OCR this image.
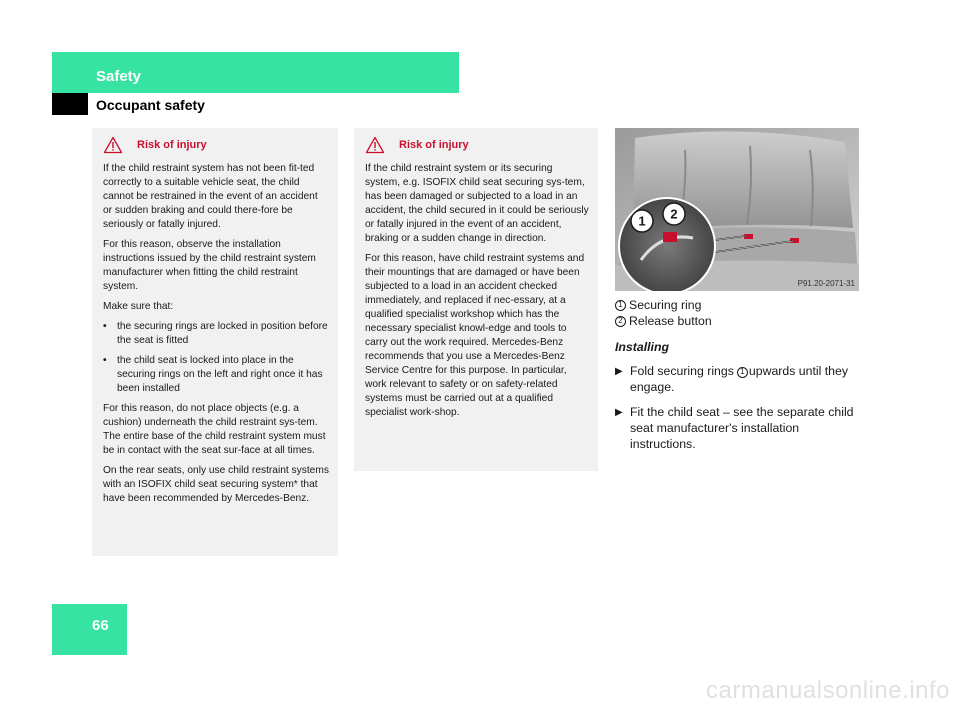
Safety
Occupant safety
Risk of injury

If the child restraint system has not been fit-ted correctly to a suitable vehicle seat, the child cannot be restrained in the event of an accident or sudden braking and could there-fore be seriously or fatally injured.

For this reason, observe the installation instructions issued by the child restraint system manufacturer when fitting the child restraint system.

Make sure that:

•	the securing rings are locked in position before the seat is fitted
•	the child seat is locked into place in the securing rings on the left and right once it has been installed

For this reason, do not place objects (e.g. a cushion) underneath the child restraint sys-tem. The entire base of the child restraint system must be in contact with the seat sur-face at all times.

On the rear seats, only use child restraint systems with an ISOFIX child seat securing system* that have been recommended by Mercedes-Benz.

Risk of injury

If the child restraint system or its securing system, e.g. ISOFIX child seat securing sys-tem, has been damaged or subjected to a load in an accident, the child secured in it could be seriously or fatally injured in the event of an accident, braking or a sudden change in direction.

For this reason, have child restraint systems and their mountings that are damaged or have been subjected to a load in an accident checked immediately, and replaced if nec-essary, at a qualified specialist workshop which has the necessary specialist knowl-edge and tools to carry out the work required. Mercedes-Benz recommends that you use a Mercedes-Benz Service Centre for this purpose. In particular, work relevant to safety or on safety-related systems must be carried out at a qualified specialist work-shop.

1 2
P91.20-2071-31
1 Securing ring
2 Release button
Installing
▶ Fold securing rings 1 upwards until they engage.
▶ Fit the child seat – see the separate child seat manufacturer's installation instructions.
66
carmanualsonline.info
